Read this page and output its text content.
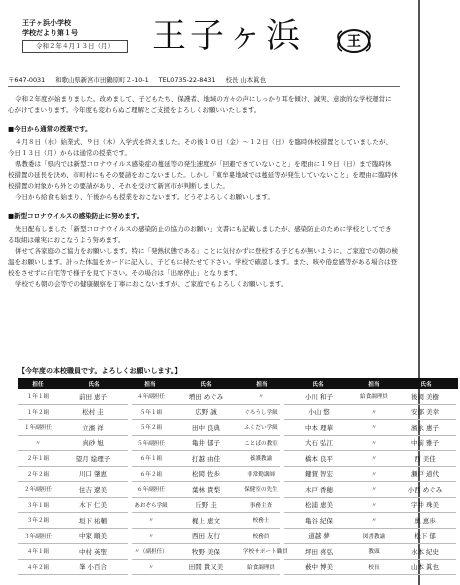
王子ヶ浜小学校
学校だより第１号
令和２年４月１３日（月）	王子ヶ浜	王
〒647-0031 和歌山県新宮市田鶴原町２-10-1 TEL0735-22-8431 校長 山本眞也

令和２年度が始まりました。改めまして、子どもたち、保護者、地域の方々の声にしっかり耳を傾け、誠実、意欲的な学校運営に心がけてまいります。今年度も変わらぬご理解とご支援をよろしくお願いいたします。

■今日から通常の授業です。

４月８日（水）始業式、９日（木）入学式を終えました。その後１０日（金）～１２日（日）を臨時休校措置としていましたが、今日１３日（月）からは通常の授業です。

県教委は「県内では新型コロナウイルス感染症の蔓延等の発生速度が「回避できていないこと」を理由に１９日（日）まで臨時休校措置の延長を決め、市町村にもその要請をおこないました。しかし「東牟婁地域では蔓延等が発生していないこと」を理由に臨時休校措置の対象から外との要請があり、それを受けて新宮市が判断しました。

今日から給食も始まり、午後からも授業をおこないます。どうぞよろしくお願いします。

■新型コロナウイルスの感染防止に努めます。

先日配布しました「新型コロナウイルスの感染防止の協力のお願い」文書にも記載しましたが、感染防止のために学校としてできる取組は確実におこなうよう努めます。

併せて各家庭のご協力をお願いします。特に「発熱状態である」ことに気付かずに登校する子どもが無いように、ご家庭での朝の検温をお願いします。計った体温をカードに記入し、子どもに持たせて下さい。学校で確認します。また、咳や倦怠感等がある場合は登校をさせずに自宅等で様子を見て下さい。その場合は「出席停止」となります。

学校でも朝の会等での健康観察を丁寧におこないますが、ご家庭でもよろしくお願いします。

【今年度の本校職員です。よろしくお願いします。】
担任	氏名	担当	氏名	担当	氏名	担当	氏名
１年１組	前田 恵子	４年副担任	増田 めぐみ	〃	小川 和子	給食調理員	後岡 美樹
１年２組	松村 圭	５年１組	広野 誠	ぐろうし学級	小山 悠	〃	安部 美幸
１年副担任	立濱 祥	５年２組	田中 良典	ふくだい学級	中本 理華	〃	濱永 惠子
〃	真砂 旭	５年副担任	亀井 郁子	ことばの教室	大石 弘江	〃	中前 雅子
２年１組	望月 絵理子	６年１組	打越 由佳	養護教諭	橋本 良平	〃	西 美佳
２年２組	川口 肇恵	６年２組	松岡 佐歩	非常勤講師	鍵賀 智宏	〃	瀬戸 道代
２年副担任	住吉 遼美	６年副担任	葉林 貴梨	保健室の先生	木戸 香穂	〃	小西 めぐみ
３年１組	木下 仁美	あおぞら学級	丘野 圭	事務主査	松浦 恵美	〃	宇井 珠美
３年２組	垣下 祐輔	〃	梶上 恵文	校務士	亀谷 紀保	〃	奥 恵歩
３年副担任	中家 順美	〃	西田 友行	校務員	道越 夢	図書教諭	松下 郁
４年１組	中村 英聖	〃（副担任）	牧野 美保	学校サポート職員	坪田 喜弘	教頭	水本 紀史
４年２組	峯 小百合	〃	田間 貴又美	給食調理員	薮中 博美	校長	山本 眞也
